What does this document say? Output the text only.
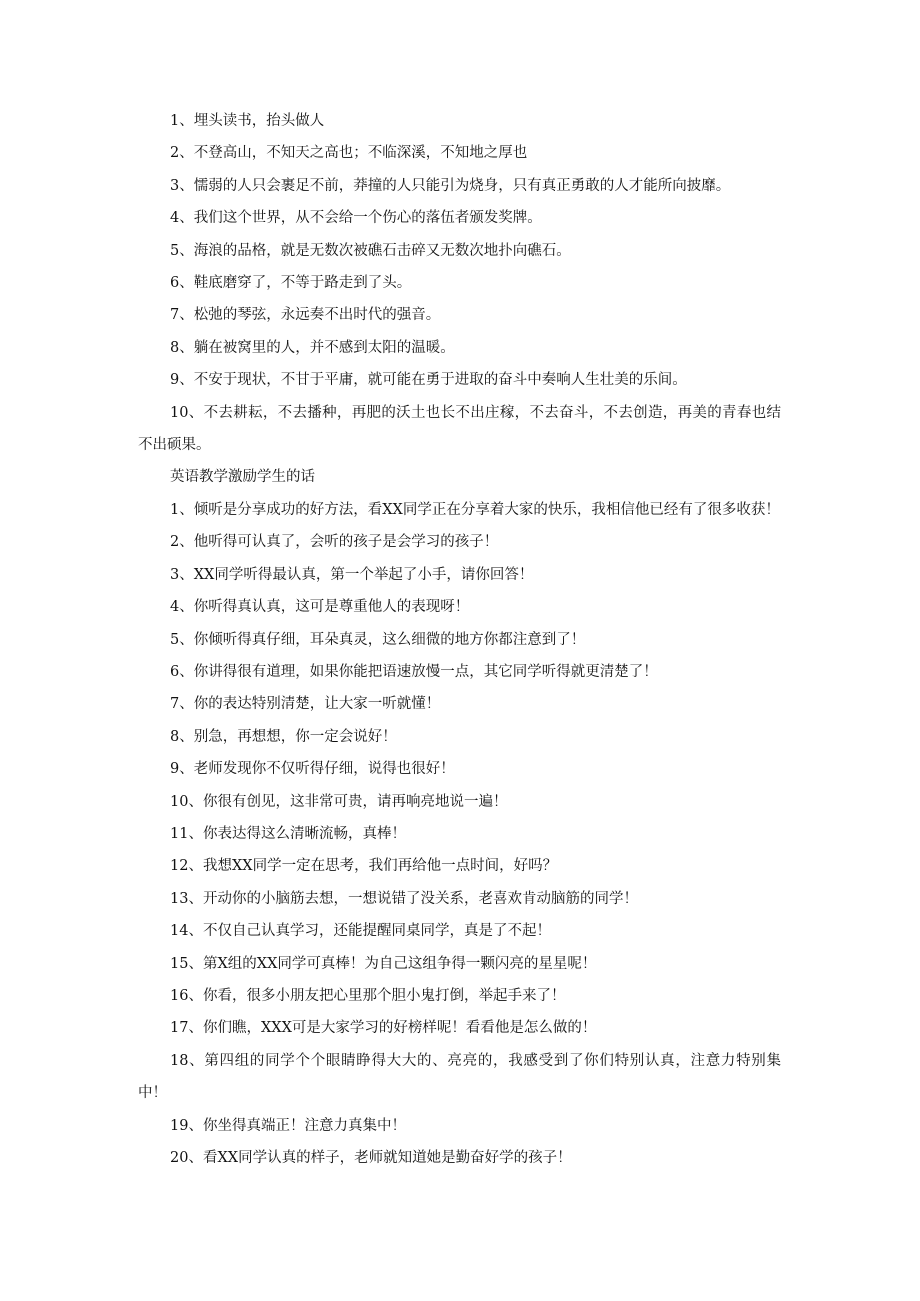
1、埋头读书，抬头做人

2、不登高山，不知天之高也；不临深溪，不知地之厚也

3、懦弱的人只会裹足不前，莽撞的人只能引为烧身，只有真正勇敢的人才能所向披靡。

4、我们这个世界，从不会给一个伤心的落伍者颁发奖牌。

5、海浪的品格，就是无数次被礁石击碎又无数次地扑向礁石。

6、鞋底磨穿了，不等于路走到了头。

7、松弛的琴弦，永远奏不出时代的强音。

8、躺在被窝里的人，并不感到太阳的温暖。

9、不安于现状，不甘于平庸，就可能在勇于进取的奋斗中奏响人生壮美的乐间。

10、不去耕耘，不去播种，再肥的沃土也长不出庄稼，不去奋斗，不去创造，再美的青春也结不出硕果。

英语教学激励学生的话

1、倾听是分享成功的好方法，看XX同学正在分享着大家的快乐，我相信他已经有了很多收获！

2、他听得可认真了，会听的孩子是会学习的孩子！

3、XX同学听得最认真，第一个举起了小手，请你回答！

4、你听得真认真，这可是尊重他人的表现呀！

5、你倾听得真仔细，耳朵真灵，这么细微的地方你都注意到了！

6、你讲得很有道理，如果你能把语速放慢一点，其它同学听得就更清楚了！

7、你的表达特别清楚，让大家一听就懂！

8、别急，再想想，你一定会说好！

9、老师发现你不仅听得仔细，说得也很好！

10、你很有创见，这非常可贵，请再响亮地说一遍！

11、你表达得这么清晰流畅，真棒！

12、我想XX同学一定在思考，我们再给他一点时间，好吗？

13、开动你的小脑筋去想，一想说错了没关系，老喜欢肯动脑筋的同学！

14、不仅自己认真学习，还能提醒同桌同学，真是了不起！

15、第X组的XX同学可真棒！为自己这组争得一颗闪亮的星星呢！

16、你看，很多小朋友把心里那个胆小鬼打倒，举起手来了！

17、你们瞧，XXX可是大家学习的好榜样呢！看看他是怎么做的！

18、第四组的同学个个眼睛睁得大大的、亮亮的，我感受到了你们特别认真，注意力特别集中！

19、你坐得真端正！注意力真集中！

20、看XX同学认真的样子，老师就知道她是勤奋好学的孩子！
